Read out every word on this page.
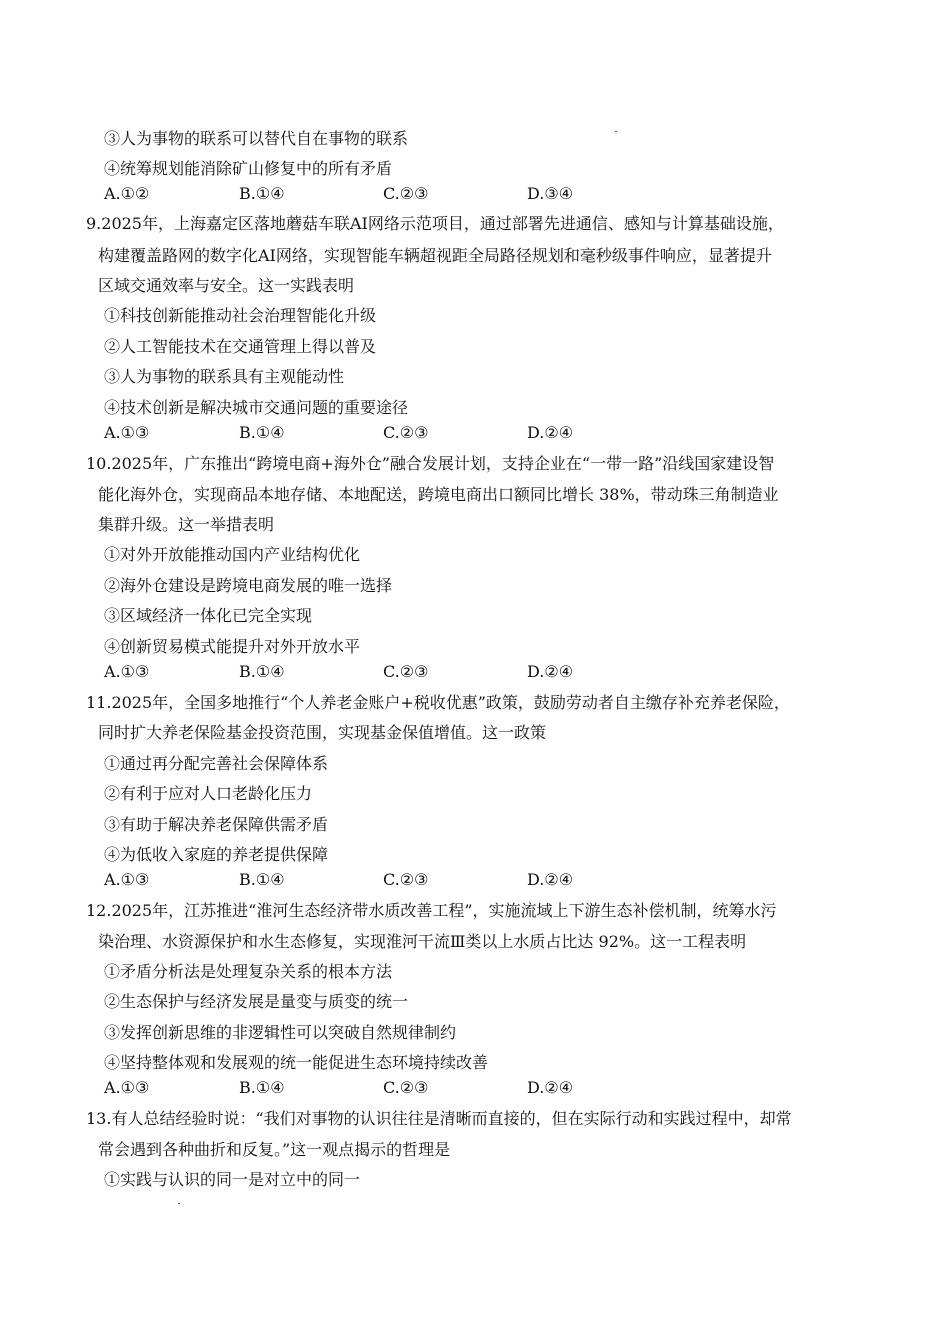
③人为事物的联系可以替代自在事物的联系
④统筹规划能消除矿山修复中的所有矛盾
A.①②	B.①④	C.②③	D.③④
9.2025年，上海嘉定区落地蘑菇车联AI网络示范项目，通过部署先进通信、感知与计算基础设施，
构建覆盖路网的数字化AI网络，实现智能车辆超视距全局路径规划和毫秒级事件响应，显著提升
区域交通效率与安全。这一实践表明
①科技创新能推动社会治理智能化升级
②人工智能技术在交通管理上得以普及
③人为事物的联系具有主观能动性
④技术创新是解决城市交通问题的重要途径
A.①③	B.①④	C.②③	D.②④
10.2025年，广东推出“跨境电商+海外仓”融合发展计划，支持企业在“一带一路”沿线国家建设智
能化海外仓，实现商品本地存储、本地配送，跨境电商出口额同比增长 38%，带动珠三角制造业
集群升级。这一举措表明
①对外开放能推动国内产业结构优化
②海外仓建设是跨境电商发展的唯一选择
③区域经济一体化已完全实现
④创新贸易模式能提升对外开放水平
A.①③	B.①④	C.②③	D.②④
11.2025年，全国多地推行“个人养老金账户+税收优惠”政策，鼓励劳动者自主缴存补充养老保险，
同时扩大养老保险基金投资范围，实现基金保值增值。这一政策
①通过再分配完善社会保障体系
②有利于应对人口老龄化压力
③有助于解决养老保障供需矛盾
④为低收入家庭的养老提供保障
A.①③	B.①④	C.②③	D.②④
12.2025年，江苏推进“淮河生态经济带水质改善工程”，实施流域上下游生态补偿机制，统筹水污
染治理、水资源保护和水生态修复，实现淮河干流Ⅲ类以上水质占比达 92%。这一工程表明
①矛盾分析法是处理复杂关系的根本方法
②生态保护与经济发展是量变与质变的统一
③发挥创新思维的非逻辑性可以突破自然规律制约
④坚持整体观和发展观的统一能促进生态环境持续改善
A.①③	B.①④	C.②③	D.②④
13.有人总结经验时说：“我们对事物的认识往往是清晰而直接的，但在实际行动和实践过程中，却常
常会遇到各种曲折和反复。”这一观点揭示的哲理是
①实践与认识的同一是对立中的同一
